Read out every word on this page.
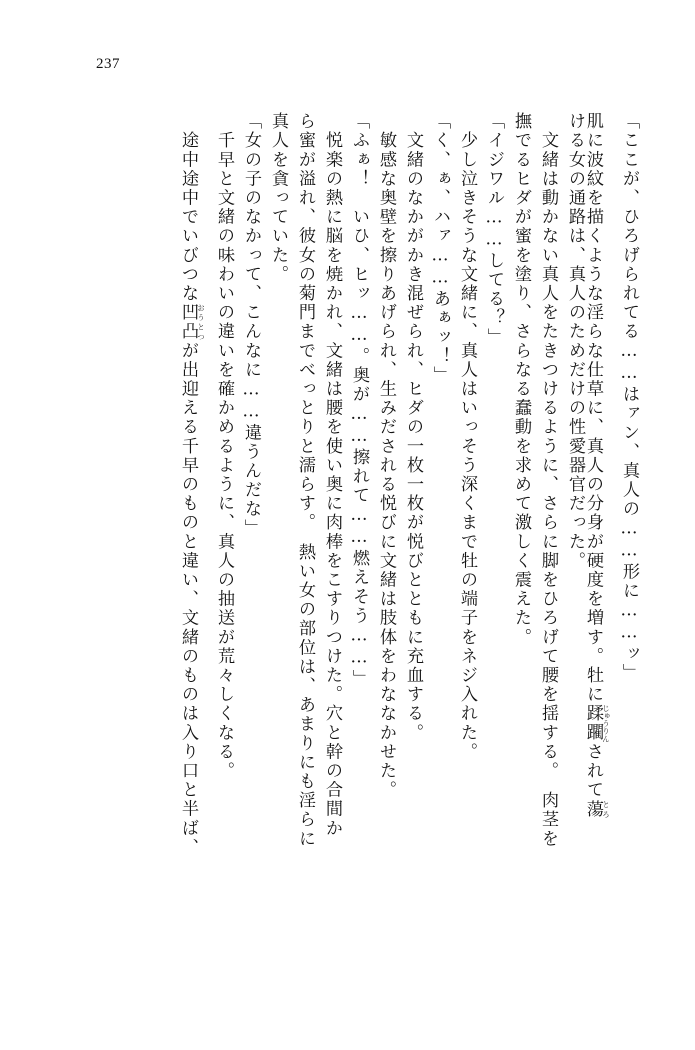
237
「ここが、ひろげられてる……はァン、真人の……形に……ッ」
肌に波紋を描くような淫らな仕草に、真人の分身が硬度を増す。牡に蹂躙じゅうりんされて蕩とろ
ける女の通路は、真人のためだけの性愛器官だった。
　文緒は動かない真人をたきつけるように、さらに脚をひろげて腰を揺する。　肉茎を
撫でるヒダが蜜を塗り、さらなる蠢動を求めて激しく震えた。
「イジワル……してる？」
　少し泣きそうな文緒に、真人はいっそう深くまで牡の端子をネジ入れた。
「く、ぁ、ハァ……あぁッ！」
　文緒のなかがかき混ぜられ、ヒダの一枚一枚が悦びとともに充血する。
　敏感な奥壁を擦りあげられ、生みだされる悦びに文緒は肢体をわななかせた。
「ふぁ！　いひ、ヒッ……。奥が……擦れて……燃えそう……」
　悦楽の熱に脳を焼かれ、文緒は腰を使い奥に肉棒をこすりつけた。穴と幹の合間か
ら蜜が溢れ、彼女の菊門までべっとりと濡らす。　熱い女の部位は、あまりにも淫らに
真人を貪っていた。
「女の子のなかって、こんなに……違うんだな」
　千早と文緒の味わいの違いを確かめるように、真人の抽送が荒々しくなる。
　途中途中でいびつな凹凸おうとつが出迎える千早のものと違い、文緒のものは入り口と半ば、
